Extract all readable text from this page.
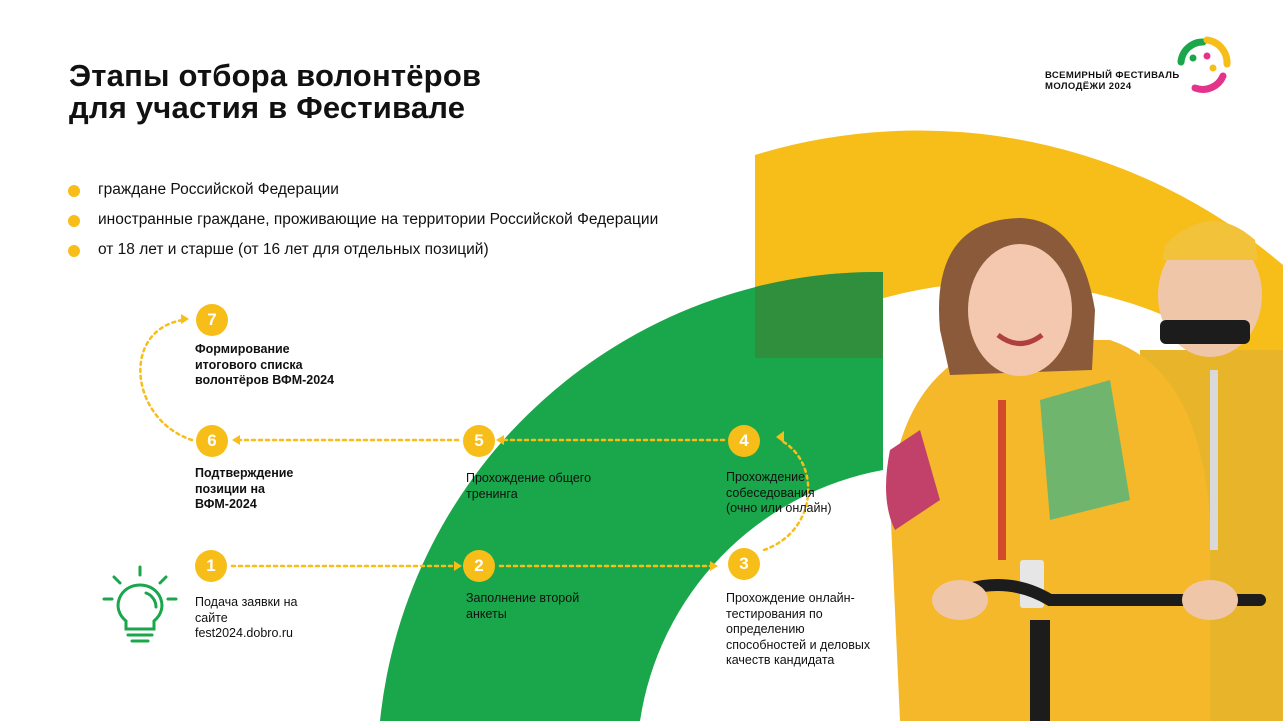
ВСЕМИРНЫЙ ФЕСТИВАЛЬ
МОЛОДЁЖИ 2024
Этапы отбора волонтёров
для участия в Фестивале
граждане Российской Федерации
иностранные граждане, проживающие на территории Российской Федерации
от 18 лет и старше (от 16 лет для отдельных позиций)
1	2	3
4
5
6
7
Подача заявки на
сайте
fest2024.dobro.ru
Заполнение второй
анкеты
Прохождение онлайн-
тестирования по
определению
способностей и деловых
качеств кандидата
Прохождение
собеседования
(очно или онлайн)
Прохождение общего
тренинга
Подтверждение
позиции на
ВФМ-2024
Формирование
итогового списка
волонтёров ВФМ-2024
